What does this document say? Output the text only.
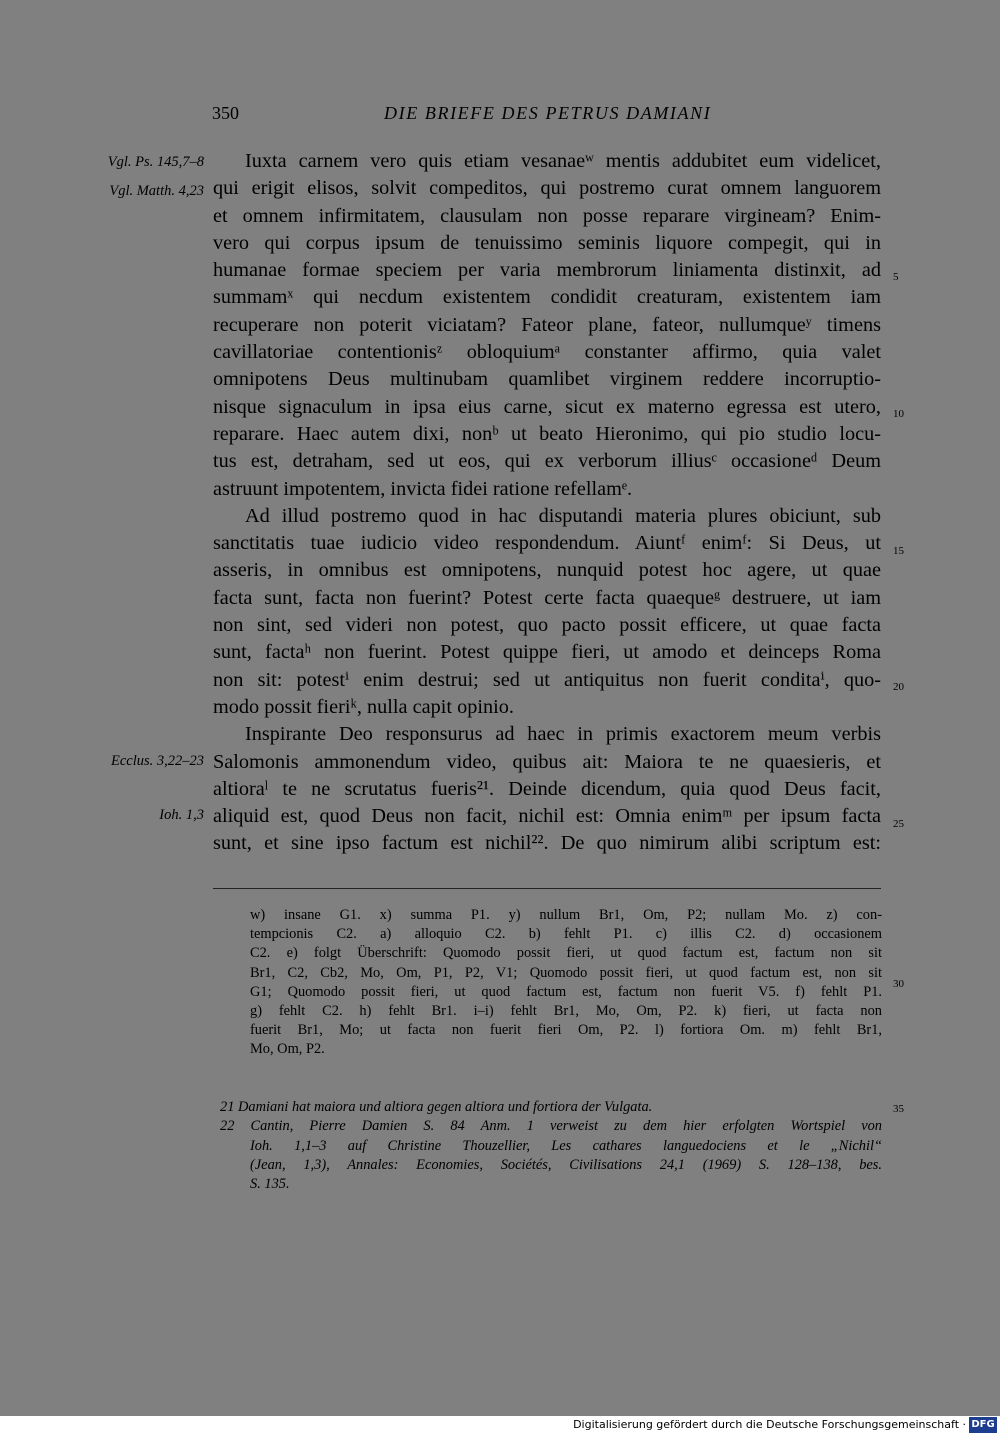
350	DIE BRIEFE DES PETRUS DAMIANI
Iuxta carnem vero quis etiam vesanaeʷ mentis addubitet eum videlicet,
qui erigit elisos, solvit compeditos, qui postremo curat omnem languorem
et omnem infirmitatem, clausulam non posse reparare virgineam? Enim-
vero qui corpus ipsum de tenuissimo seminis liquore compegit, qui in
humanae formae speciem per varia membrorum liniamenta distinxit, ad
summamˣ qui necdum existentem condidit creaturam, existentem iam
recuperare non poterit viciatam? Fateor plane, fateor, nullumqueʸ timens
cavillatoriae contentionisᶻ obloquiumᵃ constanter affirmo, quia valet
omnipotens Deus multinubam quamlibet virginem reddere incorruptio-
nisque signaculum in ipsa eius carne, sicut ex materno egressa est utero,
reparare. Haec autem dixi, nonᵇ ut beato Hieronimo, qui pio studio locu-
tus est, detraham, sed ut eos, qui ex verborum illiusᶜ occasioneᵈ Deum
astruunt impotentem, invicta fidei ratione refellamᵉ.
Ad illud postremo quod in hac disputandi materia plures obiciunt, sub
sanctitatis tuae iudicio video respondendum. Aiuntᶠ enimᶠ: Si Deus, ut
asseris, in omnibus est omnipotens, nunquid potest hoc agere, ut quae
facta sunt, facta non fuerint? Potest certe facta quaequeᵍ destruere, ut iam
non sint, sed videri non potest, quo pacto possit efficere, ut quae facta
sunt, factaʰ non fuerint. Potest quippe fieri, ut amodo et deinceps Roma
non sit: potestⁱ enim destrui; sed ut antiquitus non fuerit conditaⁱ, quo-
modo possit fieriᵏ, nulla capit opinio.
Inspirante Deo responsurus ad haec in primis exactorem meum verbis
Salomonis ammonendum video, quibus ait: Maiora te ne quaesieris, et
altioraˡ te ne scrutatus fueris²¹. Deinde dicendum, quia quod Deus facit,
aliquid est, quod Deus non facit, nichil est: Omnia enimᵐ per ipsum facta
sunt, et sine ipso factum est nichil²². De quo nimirum alibi scriptum est:
Vgl. Ps. 145,7–8
Vgl. Matth. 4,23
Ecclus. 3,22–23
Ioh. 1,3
5
10
15
20
25
w) insane G1. x) summa P1. y) nullum Br1, Om, P2; nullam Mo. z) con-
tempcionis C2. a) alloquio C2. b) fehlt P1. c) illis C2. d) occasionem
C2. e) folgt Überschrift: Quomodo possit fieri, ut quod factum est, factum non sit
Br1, C2, Cb2, Mo, Om, P1, P2, V1; Quomodo possit fieri, ut quod factum est, non sit
G1; Quomodo possit fieri, ut quod factum est, factum non fuerit V5. f) fehlt P1.
g) fehlt C2. h) fehlt Br1. i–i) fehlt Br1, Mo, Om, P2. k) fieri, ut facta non
fuerit Br1, Mo; ut facta non fuerit fieri Om, P2. l) fortiora Om. m) fehlt Br1,
Mo, Om, P2.
30
21 Damiani hat maiora und altiora gegen altiora und fortiora der Vulgata.
22 Cantin, Pierre Damien S. 84 Anm. 1 verweist zu dem hier erfolgten Wortspiel von
Ioh. 1,1–3 auf Christine Thouzellier, Les cathares languedociens et le „Nichil“
(Jean, 1,3), Annales: Economies, Sociétés, Civilisations 24,1 (1969) S. 128–138, bes.
S. 135.
35
Digitalisierung gefördert durch die Deutsche Forschungsgemeinschaft · DFG
